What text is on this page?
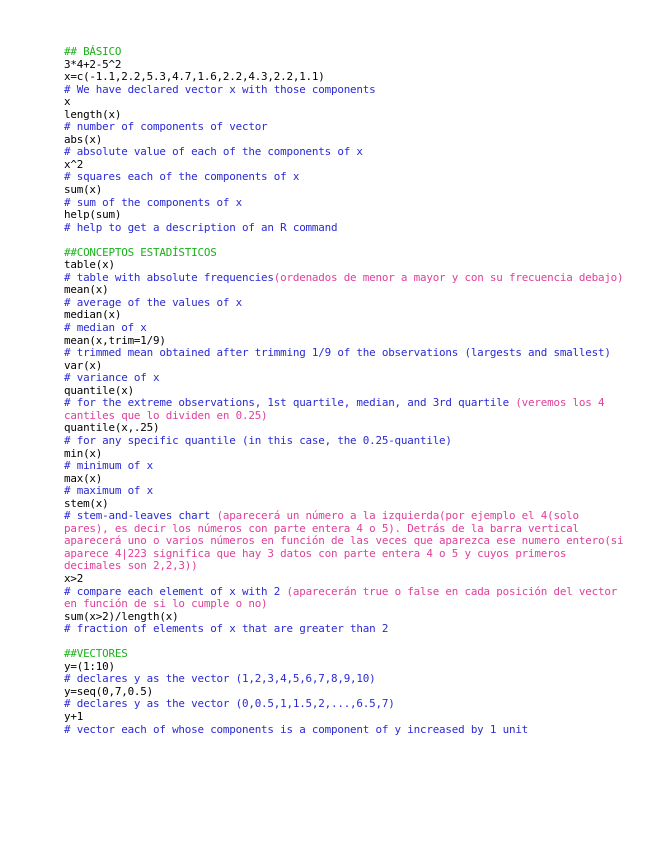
## BÁSICO
3*4+2-5^2
x=c(-1.1,2.2,5.3,4.7,1.6,2.2,4.3,2.2,1.1)
# We have declared vector x with those components
x
length(x)
# number of components of vector
abs(x)
# absolute value of each of the components of x
x^2
# squares each of the components of x
sum(x)
# sum of the components of x
help(sum)
# help to get a description of an R command
##CONCEPTOS ESTADÍSTICOS
table(x)
# table with absolute frequencies(ordenados de menor a mayor y con su frecuencia debajo)
mean(x)
# average of the values of x
median(x)
# median of x
mean(x,trim=1/9)
# trimmed mean obtained after trimming 1/9 of the observations (largests and smallest)
var(x)
# variance of x
quantile(x)
# for the extreme observations, 1st quartile, median, and 3rd quartile (veremos los 4 cantiles que lo dividen en 0.25)
quantile(x,.25)
# for any specific quantile (in this case, the 0.25-quantile)
min(x)
# minimum of x
max(x)
# maximum of x
stem(x)
# stem-and-leaves chart (aparecerá un número a la izquierda(por ejemplo el 4(solo pares), es decir los números con parte entera 4 o 5). Detrás de la barra vertical aparecerá uno o varios números en función de las veces que aparezca ese numero entero(si aparece 4|223 significa que hay 3 datos con parte entera 4 o 5 y cuyos primeros decimales son 2,2,3))
x>2
# compare each element of x with 2 (aparecerán true o false en cada posición del vector en función de si lo cumple o no)
sum(x>2)/length(x)
# fraction of elements of x that are greater than 2
##VECTORES
y=(1:10)
# declares y as the vector (1,2,3,4,5,6,7,8,9,10)
y=seq(0,7,0.5)
# declares y as the vector (0,0.5,1,1.5,2,...,6.5,7)
y+1
# vector each of whose components is a component of y increased by 1 unit
